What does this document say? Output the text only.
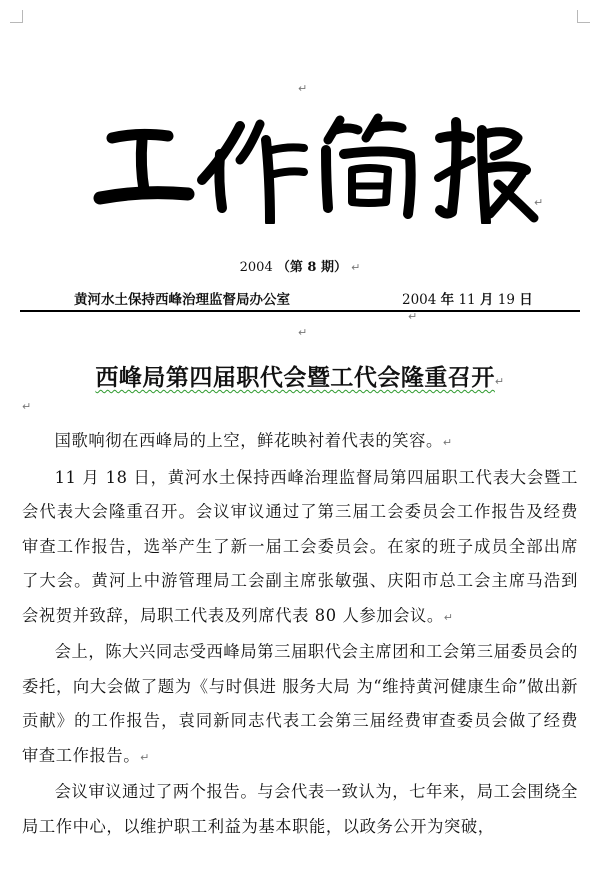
↵
↵
2004 （第 8 期） ↵
黄河水土保持西峰治理监督局办公室	2004 年 11 月 19 日 ↵
↵
西峰局第四届职代会暨工代会隆重召开↵
↵

国歌响彻在西峰局的上空，鲜花映衬着代表的笑容。↵

11 月 18 日，黄河水土保持西峰治理监督局第四届职工代表大会暨工会代表大会隆重召开。会议审议通过了第三届工会委员会工作报告及经费审查工作报告，选举产生了新一届工会委员会。在家的班子成员全部出席了大会。黄河上中游管理局工会副主席张敏强、庆阳市总工会主席马浩到会祝贺并致辞，局职工代表及列席代表 80 人参加会议。↵

会上，陈大兴同志受西峰局第三届职代会主席团和工会第三届委员会的委托，向大会做了题为《与时俱进 服务大局 为“维持黄河健康生命”做出新贡献》的工作报告，袁同新同志代表工会第三届经费审查委员会做了经费审查工作报告。↵

会议审议通过了两个报告。与会代表一致认为，七年来，局工会围绕全局工作中心，以维护职工利益为基本职能，以政务公开为突破，
